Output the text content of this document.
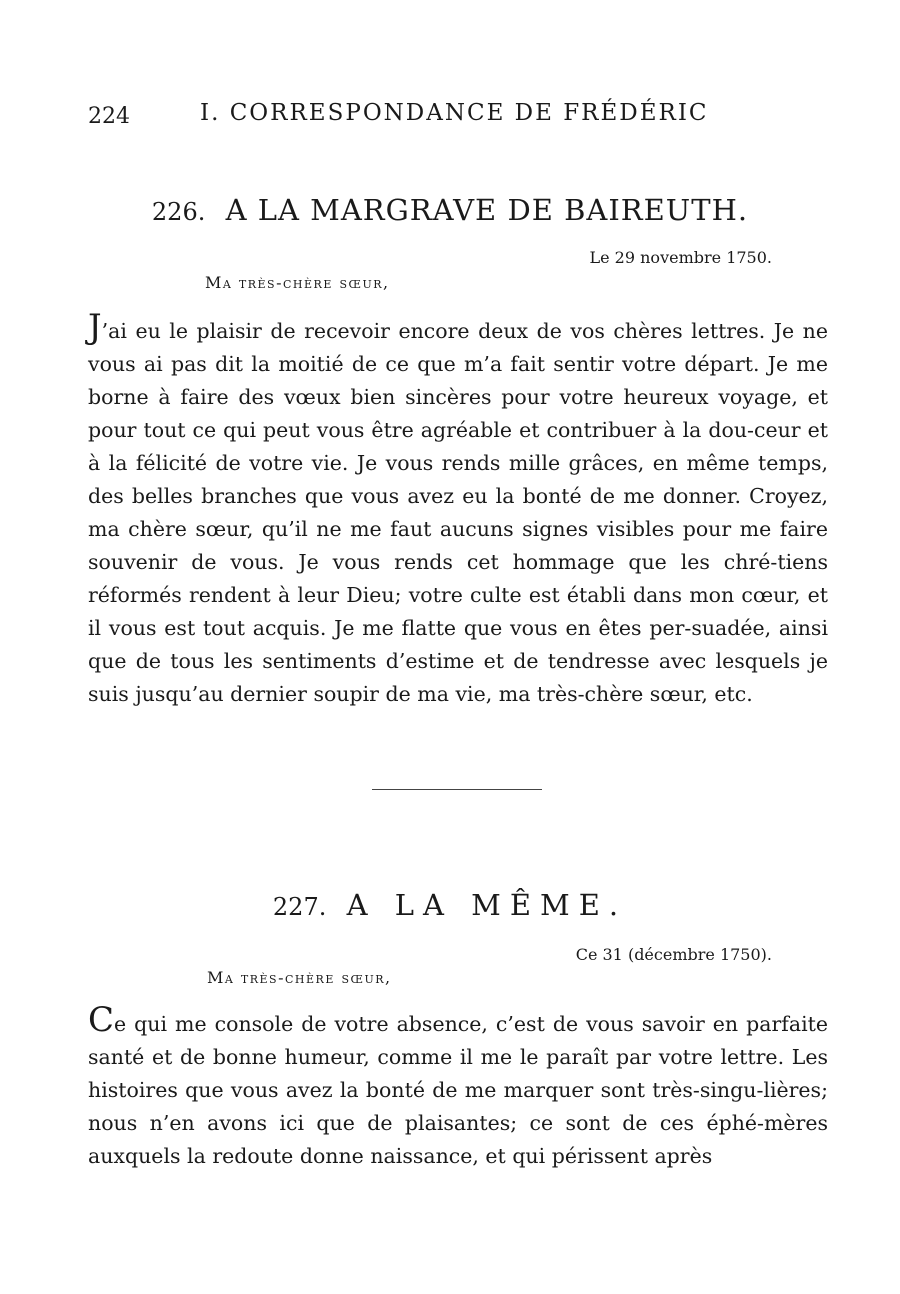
224	I. CORRESPONDANCE DE FRÉDÉRIC
226. A LA MARGRAVE DE BAIREUTH.
Le 29 novembre 1750.
Ma très-chère sœur,
J’ai eu le plaisir de recevoir encore deux de vos chères lettres. Je ne vous ai pas dit la moitié de ce que m’a fait sentir votre départ. Je me borne à faire des vœux bien sincères pour votre heureux voyage, et pour tout ce qui peut vous être agréable et contribuer à la dou-ceur et à la félicité de votre vie. Je vous rends mille grâces, en même temps, des belles branches que vous avez eu la bonté de me donner. Croyez, ma chère sœur, qu’il ne me faut aucuns signes visibles pour me faire souvenir de vous. Je vous rends cet hommage que les chré-tiens réformés rendent à leur Dieu; votre culte est établi dans mon cœur, et il vous est tout acquis. Je me flatte que vous en êtes per-suadée, ainsi que de tous les sentiments d’estime et de tendresse avec lesquels je suis jusqu’au dernier soupir de ma vie, ma très-chère sœur, etc.
227. A LA MÊME.
Ce 31 (décembre 1750).
Ma très-chère sœur,
Ce qui me console de votre absence, c’est de vous savoir en parfaite santé et de bonne humeur, comme il me le paraît par votre lettre. Les histoires que vous avez la bonté de me marquer sont très-singu-lières; nous n’en avons ici que de plaisantes; ce sont de ces éphé-mères auxquels la redoute donne naissance, et qui périssent après
